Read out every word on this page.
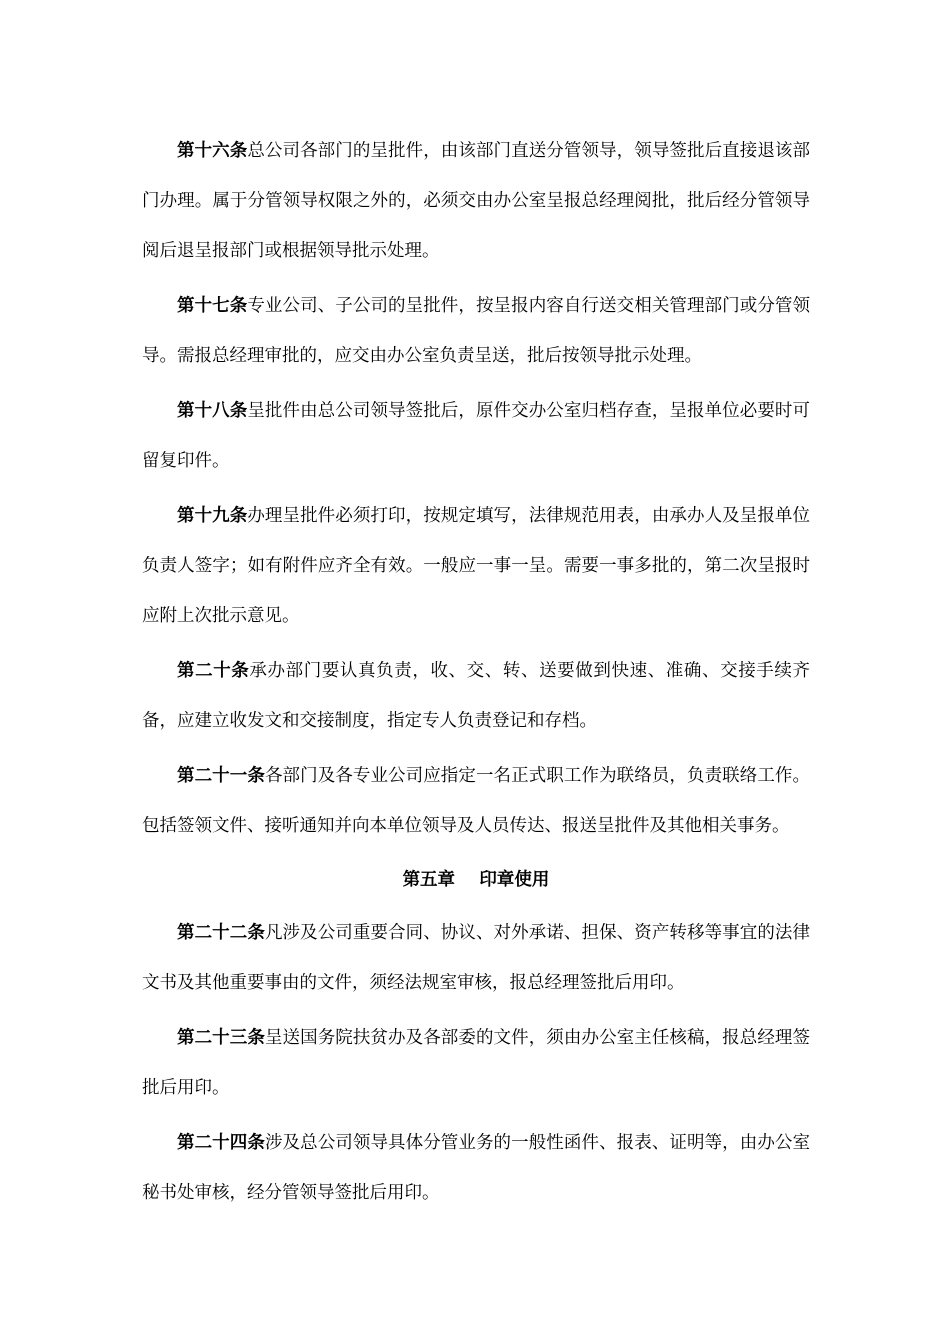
第十六条总公司各部门的呈批件，由该部门直送分管领导，领导签批后直接退该部门办理。属于分管领导权限之外的，必须交由办公室呈报总经理阅批，批后经分管领导阅后退呈报部门或根据领导批示处理。

第十七条专业公司、子公司的呈批件，按呈报内容自行送交相关管理部门或分管领导。需报总经理审批的，应交由办公室负责呈送，批后按领导批示处理。

第十八条呈批件由总公司领导签批后，原件交办公室归档存查，呈报单位必要时可留复印件。

第十九条办理呈批件必须打印，按规定填写，法律规范用表，由承办人及呈报单位负责人签字；如有附件应齐全有效。一般应一事一呈。需要一事多批的，第二次呈报时应附上次批示意见。

第二十条承办部门要认真负责，收、交、转、送要做到快速、准确、交接手续齐备，应建立收发文和交接制度，指定专人负责登记和存档。

第二十一条各部门及各专业公司应指定一名正式职工作为联络员，负责联络工作。包括签领文件、接听通知并向本单位领导及人员传达、报送呈批件及其他相关事务。

第五章    印章使用

第二十二条凡涉及公司重要合同、协议、对外承诺、担保、资产转移等事宜的法律文书及其他重要事由的文件，须经法规室审核，报总经理签批后用印。

第二十三条呈送国务院扶贫办及各部委的文件，须由办公室主任核稿，报总经理签批后用印。

第二十四条涉及总公司领导具体分管业务的一般性函件、报表、证明等，由办公室秘书处审核，经分管领导签批后用印。
